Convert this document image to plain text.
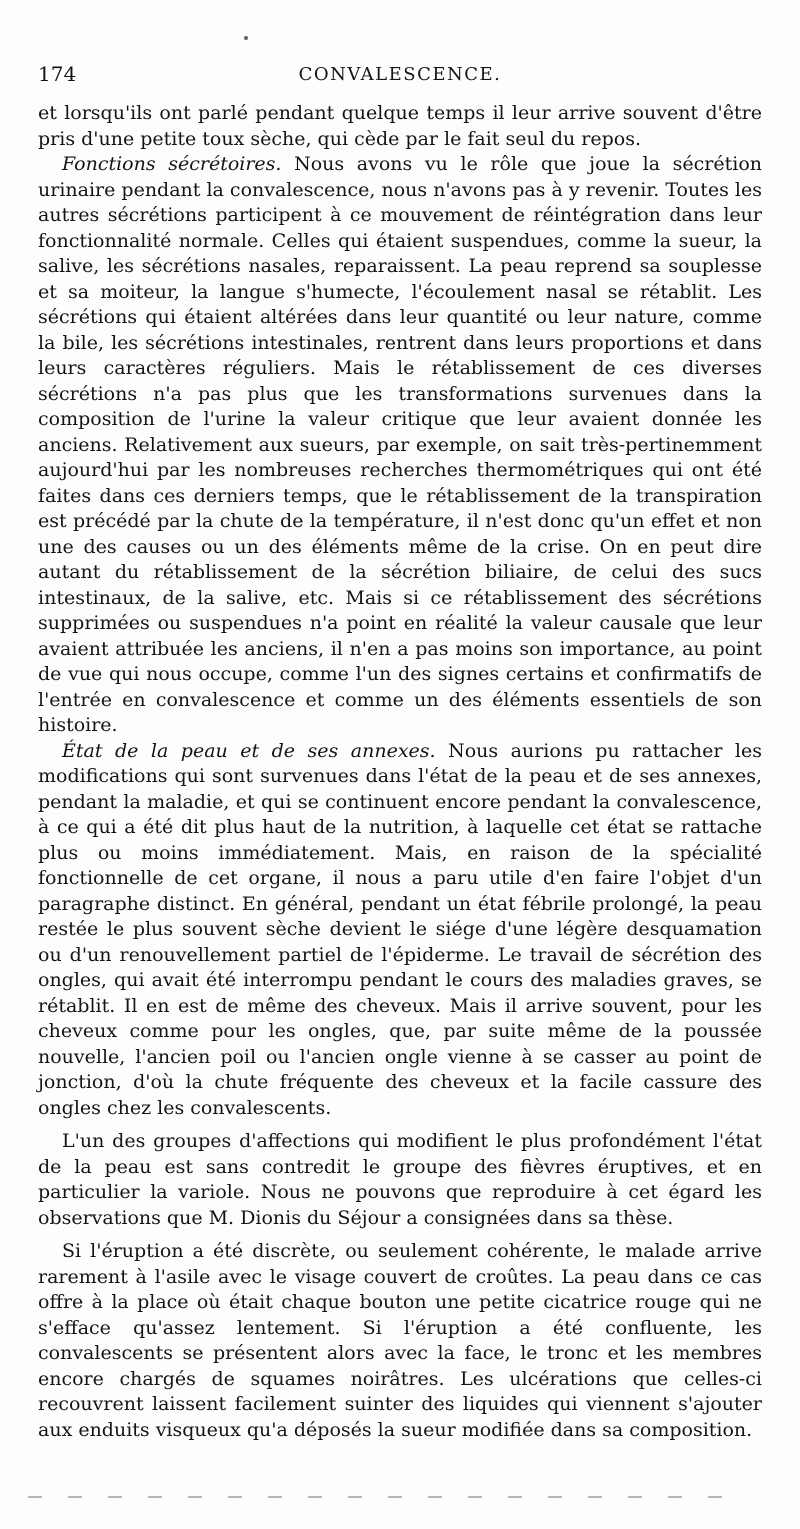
174	CONVALESCENCE.

et lorsqu'ils ont parlé pendant quelque temps il leur arrive souvent d'être pris d'une petite toux sèche, qui cède par le fait seul du repos.

Fonctions sécrétoires. Nous avons vu le rôle que joue la sécrétion urinaire pendant la convalescence, nous n'avons pas à y revenir. Toutes les autres sécrétions participent à ce mouvement de réintégration dans leur fonctionnalité normale. Celles qui étaient suspendues, comme la sueur, la salive, les sécrétions nasales, reparaissent. La peau reprend sa souplesse et sa moiteur, la langue s'humecte, l'écoulement nasal se rétablit. Les sécrétions qui étaient altérées dans leur quantité ou leur nature, comme la bile, les sécrétions intestinales, rentrent dans leurs proportions et dans leurs caractères réguliers. Mais le rétablissement de ces diverses sécrétions n'a pas plus que les transformations survenues dans la composition de l'urine la valeur critique que leur avaient donnée les anciens. Relativement aux sueurs, par exemple, on sait très-pertinemment aujourd'hui par les nombreuses recherches thermométriques qui ont été faites dans ces derniers temps, que le rétablissement de la transpiration est précédé par la chute de la température, il n'est donc qu'un effet et non une des causes ou un des éléments même de la crise. On en peut dire autant du rétablissement de la sécrétion biliaire, de celui des sucs intestinaux, de la salive, etc. Mais si ce rétablissement des sécrétions supprimées ou suspendues n'a point en réalité la valeur causale que leur avaient attribuée les anciens, il n'en a pas moins son importance, au point de vue qui nous occupe, comme l'un des signes certains et confirmatifs de l'entrée en convalescence et comme un des éléments essentiels de son histoire.

État de la peau et de ses annexes. Nous aurions pu rattacher les modifications qui sont survenues dans l'état de la peau et de ses annexes, pendant la maladie, et qui se continuent encore pendant la convalescence, à ce qui a été dit plus haut de la nutrition, à laquelle cet état se rattache plus ou moins immédiatement. Mais, en raison de la spécialité fonctionnelle de cet organe, il nous a paru utile d'en faire l'objet d'un paragraphe distinct. En général, pendant un état fébrile prolongé, la peau restée le plus souvent sèche devient le siége d'une légère desquamation ou d'un renouvellement partiel de l'épiderme. Le travail de sécrétion des ongles, qui avait été interrompu pendant le cours des maladies graves, se rétablit. Il en est de même des cheveux. Mais il arrive souvent, pour les cheveux comme pour les ongles, que, par suite même de la poussée nouvelle, l'ancien poil ou l'ancien ongle vienne à se casser au point de jonction, d'où la chute fréquente des cheveux et la facile cassure des ongles chez les convalescents.

L'un des groupes d'affections qui modifient le plus profondément l'état de la peau est sans contredit le groupe des fièvres éruptives, et en particulier la variole. Nous ne pouvons que reproduire à cet égard les observations que M. Dionis du Séjour a consignées dans sa thèse.

Si l'éruption a été discrète, ou seulement cohérente, le malade arrive rarement à l'asile avec le visage couvert de croûtes. La peau dans ce cas offre à la place où était chaque bouton une petite cicatrice rouge qui ne s'efface qu'assez lentement. Si l'éruption a été confluente, les convalescents se présentent alors avec la face, le tronc et les membres encore chargés de squames noirâtres. Les ulcérations que celles-ci recouvrent laissent facilement suinter des liquides qui viennent s'ajouter aux enduits visqueux qu'a déposés la sueur modifiée dans sa composition.
